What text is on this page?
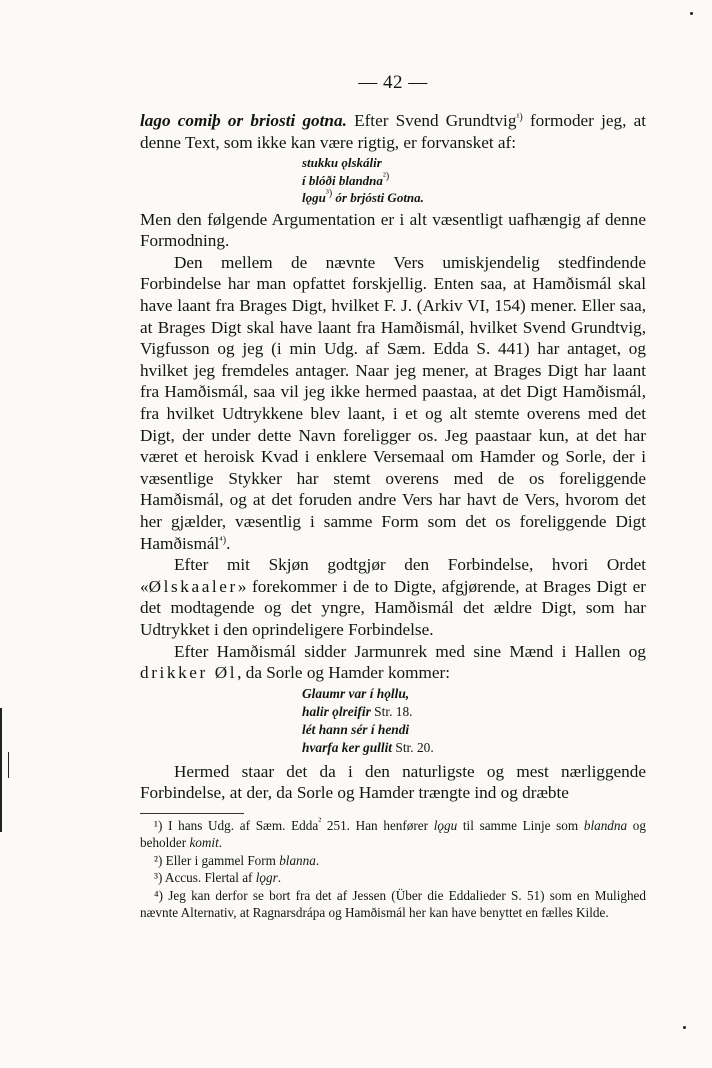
— 42 —

lago comiþ or briosti gotna. Efter Svend Grundtvig$^{^1)}$ formoder jeg, at denne Text, som ikke kan være rigtig, er forvansket af:

stukku ǫlskálir
í blóði blandna$^{^2)}$
lǫgu$^{^3)}$ ór brjósti Gotna.

Men den følgende Argumentation er i alt væsentligt uafhængig af denne Formodning.

Den mellem de nævnte Vers umiskjendelig stedfindende Forbindelse har man opfattet forskjellig. Enten saa, at Hamðismál skal have laant fra Brages Digt, hvilket F. J. (Arkiv VI, 154) mener. Eller saa, at Brages Digt skal have laant fra Hamðismál, hvilket Svend Grundtvig, Vigfusson og jeg (i min Udg. af Sæm. Edda S. 441) har antaget, og hvilket jeg fremdeles antager. Naar jeg mener, at Brages Digt har laant fra Hamðismál, saa vil jeg ikke hermed paastaa, at det Digt Hamðismál, fra hvilket Udtrykkene blev laant, i et og alt stemte overens med det Digt, der under dette Navn foreligger os. Jeg paastaar kun, at det har været et heroisk Kvad i enklere Versemaal om Hamder og Sorle, der i væsentlige Stykker har stemt overens med de os foreliggende Hamðismál, og at det foruden andre Vers har havt de Vers, hvorom det her gjælder, væsentlig i samme Form som det os foreliggende Digt Hamðismál$^{^4)}$.

Efter mit Skjøn godtgjør den Forbindelse, hvori Ordet «Ølskaaler» forekommer i de to Digte, afgjørende, at Brages Digt er det modtagende og det yngre, Hamðismál det ældre Digt, som har Udtrykket i den oprindeligere Forbindelse.

Efter Hamðismál sidder Jarmunrek med sine Mænd i Hallen og drikker Øl, da Sorle og Hamder kommer:

Glaumr var í hǫllu,
halir ǫlreifir Str. 18.
lét hann sér í hendi
hvarfa ker gullit Str. 20.

Hermed staar det da i den naturligste og mest nærliggende Forbindelse, at der, da Sorle og Hamder trængte ind og dræbte

¹) I hans Udg. af Sæm. Edda$^{^2}$ 251. Han henfører lǫgu til samme Linje som blandna og beholder komit.

²) Eller i gammel Form blanna.

³) Accus. Flertal af lǫgr.

⁴) Jeg kan derfor se bort fra det af Jessen (Über die Eddalieder S. 51) som en Mulighed nævnte Alternativ, at Ragnarsdrápa og Hamðismál her kan have benyttet en fælles Kilde.
